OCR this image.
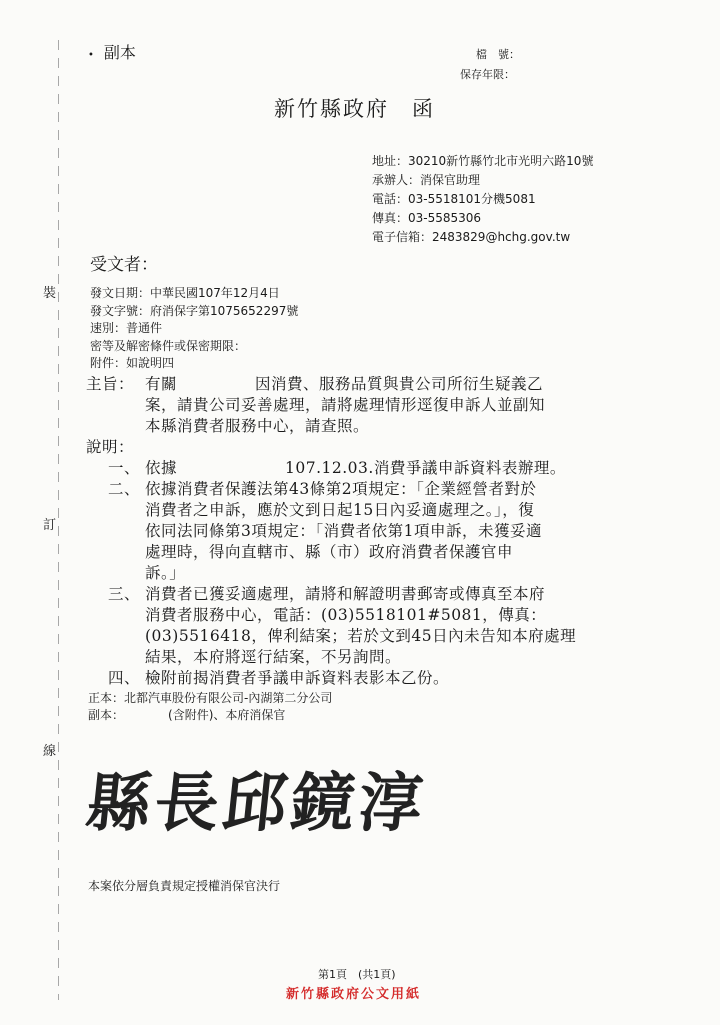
裝
訂
線
• 副本	檔　號：
保存年限：
新竹縣政府　函
地址：30210新竹縣竹北市光明六路10號
承辦人：消保官助理
電話：03-5518101分機5081
傳真：03-5585306
電子信箱：2483829@hchg.gov.tw
受文者：
發文日期：中華民國107年12月4日
發文字號：府消保字第1075652297號
速別：普通件
密等及解密條件或保密期限：
附件：如說明四
主旨： 有關	因消費、服務品質與貴公司所衍生疑義乙
案，請貴公司妥善處理，請將處理情形逕復申訴人並副知
本縣消費者服務中心，請查照。
說明：
一、 依據	107.12.03.消費爭議申訴資料表辦理。
二、 依據消費者保護法第43條第2項規定：「企業經營者對於
消費者之申訴，應於文到日起15日內妥適處理之。」，復
依同法同條第3項規定：「消費者依第1項申訴，未獲妥適
處理時，得向直轄市、縣（市）政府消費者保護官申
訴。」
三、 消費者已獲妥適處理，請將和解證明書郵寄或傳真至本府
消費者服務中心，電話：(03)5518101#5081，傳真：
(03)5516418，俾利結案；若於文到45日內未告知本府處理
結果，本府將逕行結案，不另詢問。
四、 檢附前揭消費者爭議申訴資料表影本乙份。
正本：北都汽車股份有限公司-內湖第二分公司
副本：	(含附件)、本府消保官
縣長邱鏡淳
本案依分層負責規定授權消保官決行
第1頁　(共1頁)
新竹縣政府公文用紙
